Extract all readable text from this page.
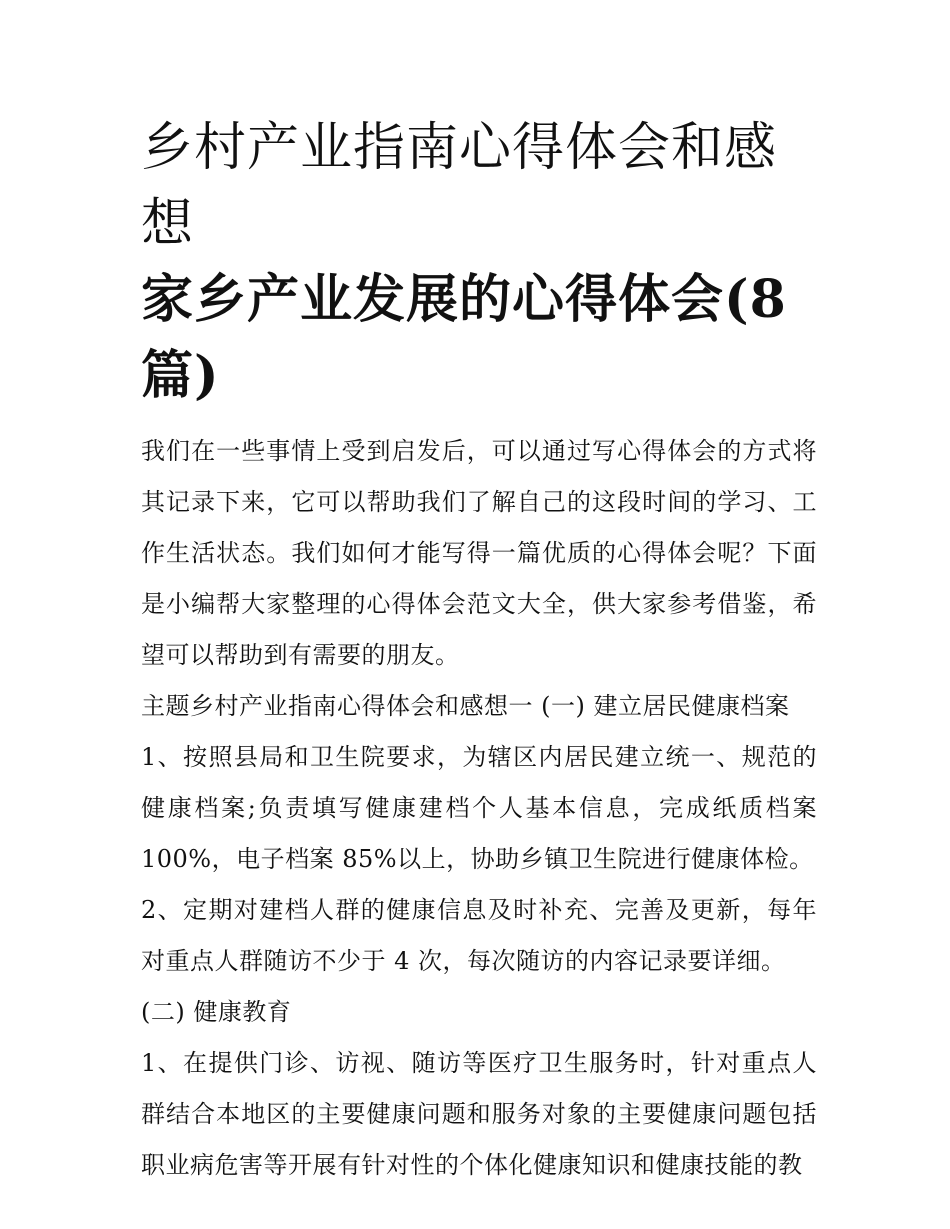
乡村产业指南心得体会和感想
家乡产业发展的心得体会(8
篇)

我们在一些事情上受到启发后，可以通过写心得体会的方式将其记录下来，它可以帮助我们了解自己的这段时间的学习、工作生活状态。我们如何才能写得一篇优质的心得体会呢？下面是小编帮大家整理的心得体会范文大全，供大家参考借鉴，希望可以帮助到有需要的朋友。

主题乡村产业指南心得体会和感想一 (一) 建立居民健康档案

1、按照县局和卫生院要求，为辖区内居民建立统一、规范的健康档案;负责填写健康建档个人基本信息，完成纸质档案100%，电子档案 85%以上，协助乡镇卫生院进行健康体检。

2、定期对建档人群的健康信息及时补充、完善及更新，每年对重点人群随访不少于 4 次，每次随访的内容记录要详细。

(二) 健康教育

1、在提供门诊、访视、随访等医疗卫生服务时，针对重点人群结合本地区的主要健康问题和服务对象的主要健康问题包括职业病危害等开展有针对性的个体化健康知识和健康技能的教
